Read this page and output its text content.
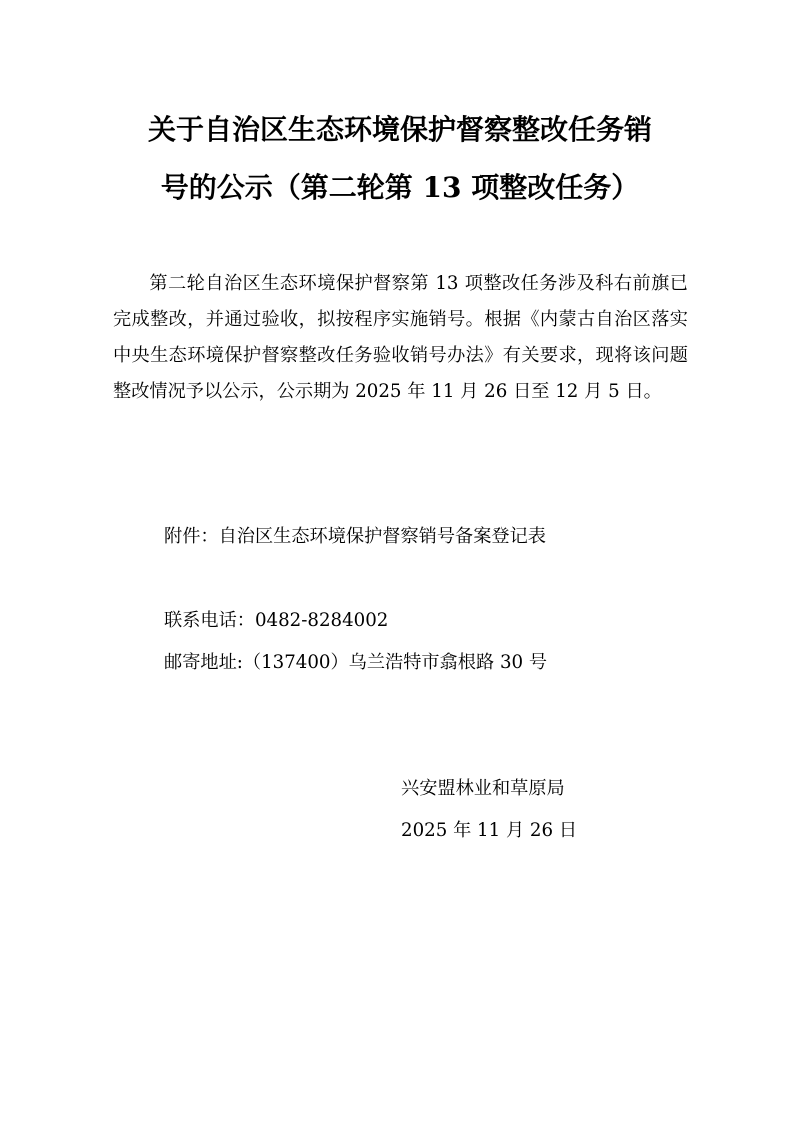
关于自治区生态环境保护督察整改任务销
号的公示（第二轮第 13 项整改任务）

第二轮自治区生态环境保护督察第 13 项整改任务涉及科右前旗已完成整改，并通过验收，拟按程序实施销号。根据《内蒙古自治区落实中央生态环境保护督察整改任务验收销号办法》有关要求，现将该问题整改情况予以公示，公示期为 2025 年 11 月 26 日至 12 月 5 日。

附件：自治区生态环境保护督察销号备案登记表
联系电话：0482-8284002
邮寄地址:（137400）乌兰浩特市翕根路 30 号
兴安盟林业和草原局
2025 年 11 月 26 日
